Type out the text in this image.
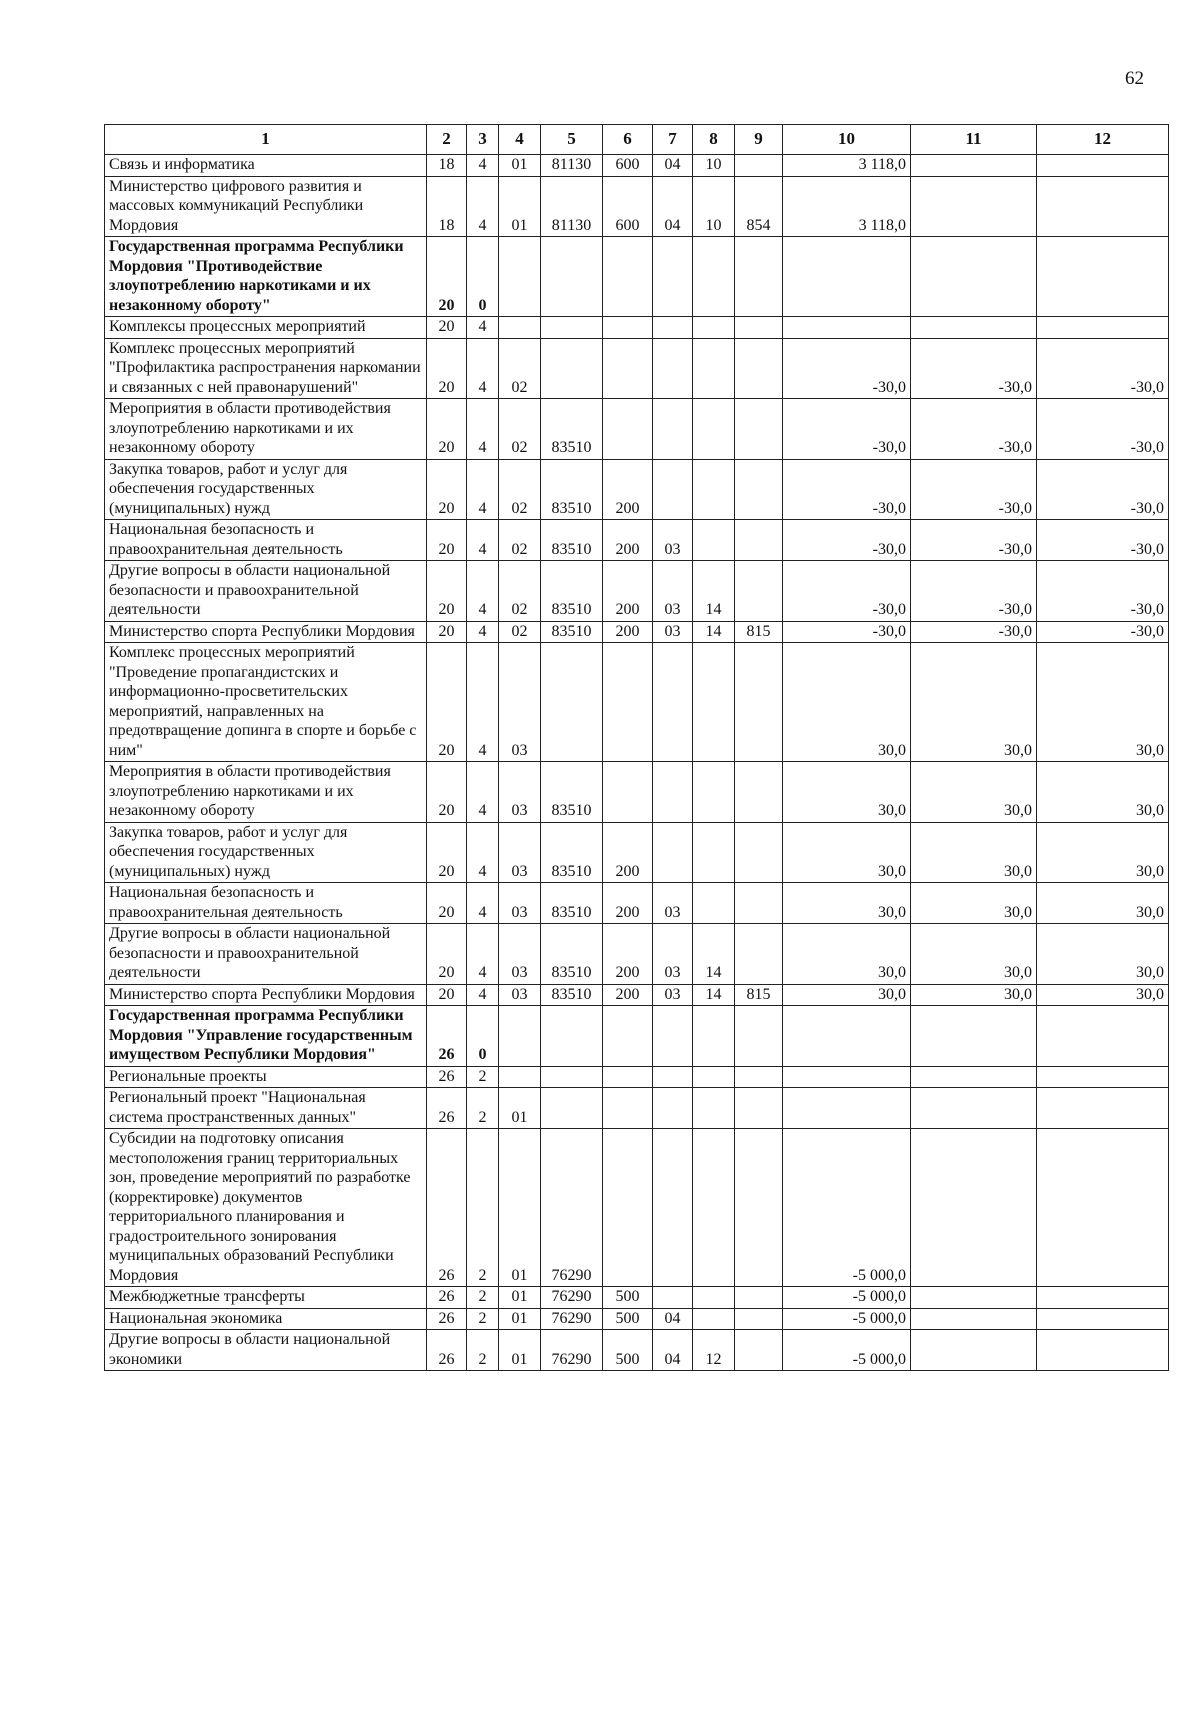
62
1	2	3	4	5	6	7	8	9	10	11	12
Связь и информатика	18	4	01	81130	600	04	10		3 118,0		
Министерство цифрового развития и массовых коммуникаций Республики Мордовия	18	4	01	81130	600	04	10	854	3 118,0		
Государственная программа Республики Мордовия "Противодействие злоупотреблению наркотиками и их незаконному обороту"	20	0									
Комплексы процессных мероприятий	20	4									
Комплекс процессных мероприятий "Профилактика распространения наркомании и связанных с ней правонарушений"	20	4	02						-30,0	-30,0	-30,0
Мероприятия в области противодействия злоупотреблению наркотиками и их незаконному обороту	20	4	02	83510					-30,0	-30,0	-30,0
Закупка товаров, работ и услуг для обеспечения государственных (муниципальных) нужд	20	4	02	83510	200				-30,0	-30,0	-30,0
Национальная безопасность и правоохранительная деятельность	20	4	02	83510	200	03			-30,0	-30,0	-30,0
Другие вопросы в области национальной безопасности и правоохранительной деятельности	20	4	02	83510	200	03	14		-30,0	-30,0	-30,0
Министерство спорта Республики Мордовия	20	4	02	83510	200	03	14	815	-30,0	-30,0	-30,0
Комплекс процессных мероприятий "Проведение пропагандистских и информационно-просветительских мероприятий, направленных на предотвращение допинга в спорте и борьбе с ним"	20	4	03						30,0	30,0	30,0
Мероприятия в области противодействия злоупотреблению наркотиками и их незаконному обороту	20	4	03	83510					30,0	30,0	30,0
Закупка товаров, работ и услуг для обеспечения государственных (муниципальных) нужд	20	4	03	83510	200				30,0	30,0	30,0
Национальная безопасность и правоохранительная деятельность	20	4	03	83510	200	03			30,0	30,0	30,0
Другие вопросы в области национальной безопасности и правоохранительной деятельности	20	4	03	83510	200	03	14		30,0	30,0	30,0
Министерство спорта Республики Мордовия	20	4	03	83510	200	03	14	815	30,0	30,0	30,0
Государственная программа Республики Мордовия "Управление государственным имуществом Республики Мордовия"	26	0									
Региональные проекты	26	2									
Региональный проект "Национальная система пространственных данных"	26	2	01								
Субсидии на подготовку описания местоположения границ территориальных зон, проведение мероприятий по разработке (корректировке) документов территориального планирования и градостроительного зонирования муниципальных образований Республики Мордовия	26	2	01	76290					-5 000,0		
Межбюджетные трансферты	26	2	01	76290	500				-5 000,0		
Национальная экономика	26	2	01	76290	500	04			-5 000,0		
Другие вопросы в области национальной экономики	26	2	01	76290	500	04	12		-5 000,0		
